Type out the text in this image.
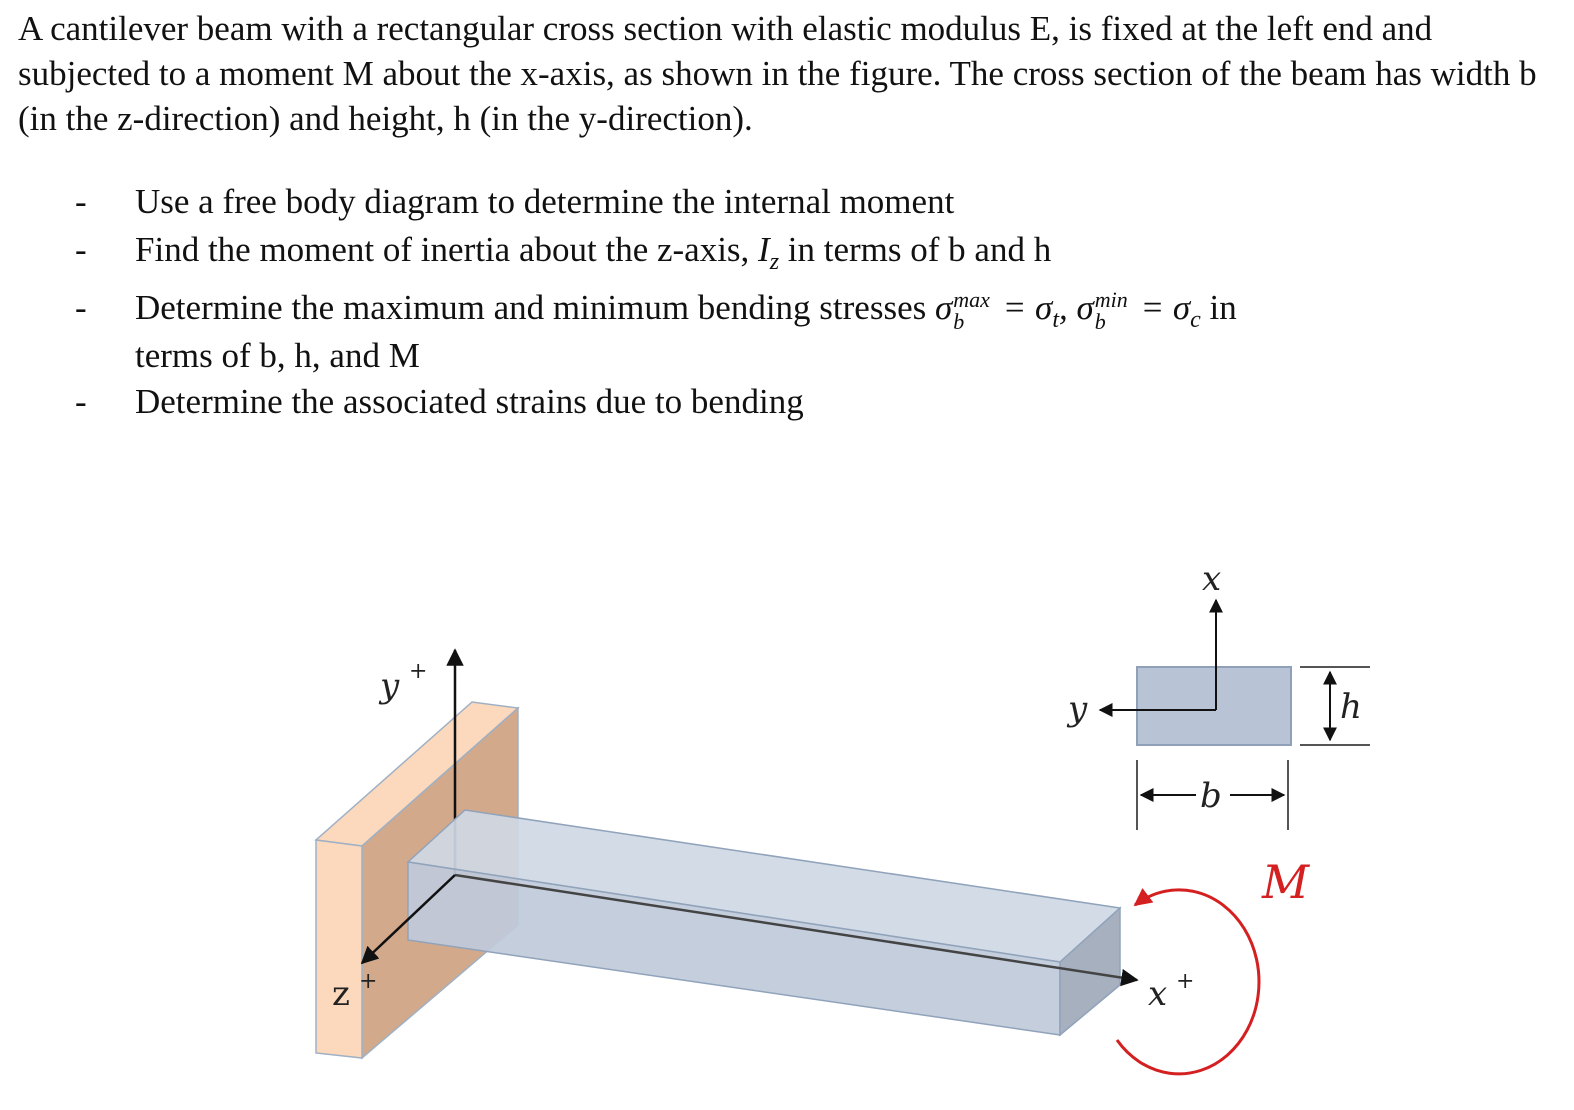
A cantilever beam with a rectangular cross section with elastic modulus E, is fixed at the left end and subjected to a moment M about the x-axis, as shown in the figure. The cross section of the beam has width b (in the z-direction) and height, h (in the y-direction).
- Use a free body diagram to determine the internal moment
- Find the moment of inertia about the z-axis, $I_z$ in terms of b and h
- Determine the maximum and minimum bending stresses σ max
$b = \sigma_t$, σ min
$b = \sigma_c$ in
terms of b, h, and M
- Determine the associated strains due to bending
y +
z +	x +
M
x
y	h
b
